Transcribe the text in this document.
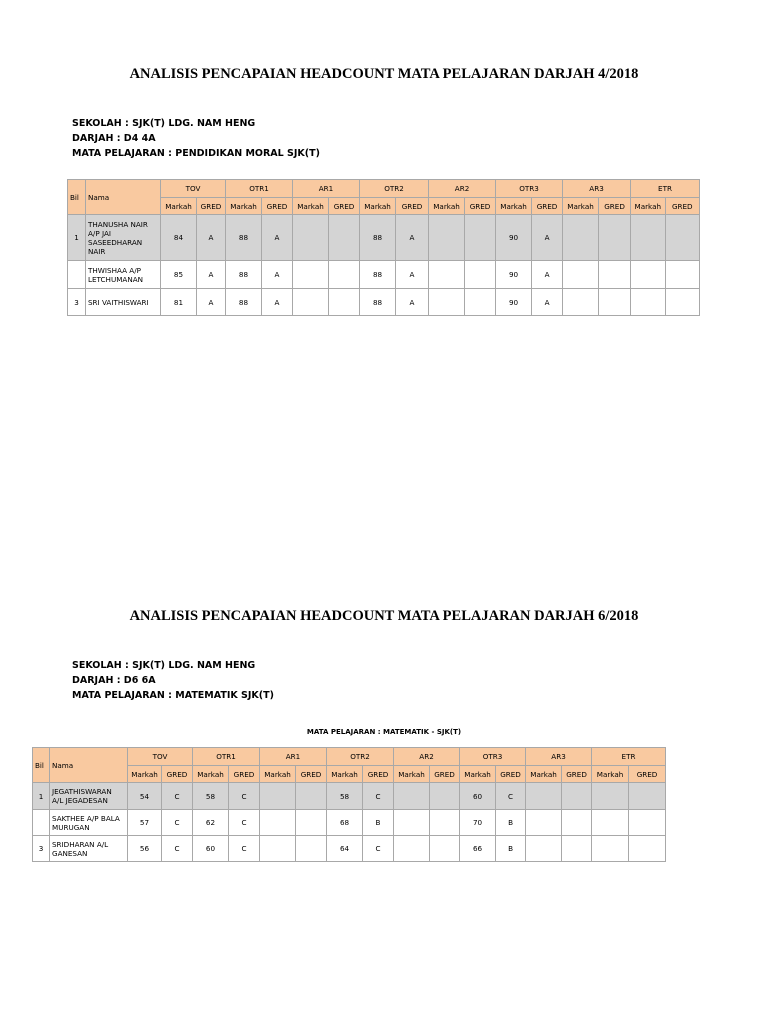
ANALISIS PENCAPAIAN HEADCOUNT MATA PELAJARAN DARJAH 4/2018
SEKOLAH : SJK(T) LDG. NAM HENG
DARJAH : D4 4A
MATA PELAJARAN : PENDIDIKAN MORAL SJK(T)
Bil	Nama	TOV		OTR1		AR1		OTR2		AR2		OTR3		AR3		ETR	
		Markah	GRED	Markah	GRED	Markah	GRED	Markah	GRED	Markah	GRED	Markah	GRED	Markah	GRED	Markah	GRED
1	THANUSHA NAIR A/P JAI SASEEDHARAN NAIR	84	A	88	A			88	A			90	A				
	THWISHAA A/P LETCHUMANAN	85	A	88	A			88	A			90	A				
3	SRI VAITHISWARI	81	A	88	A			88	A			90	A				
ANALISIS PENCAPAIAN HEADCOUNT MATA PELAJARAN DARJAH 6/2018
SEKOLAH : SJK(T) LDG. NAM HENG
DARJAH : D6 6A
MATA PELAJARAN : MATEMATIK SJK(T)
MATA PELAJARAN : MATEMATIK - SJK(T)
Bil	Nama	TOV		OTR1		AR1		OTR2		AR2		OTR3		AR3		ETR	
		Markah	GRED	Markah	GRED	Markah	GRED	Markah	GRED	Markah	GRED	Markah	GRED	Markah	GRED	Markah	GRED
1	JEGATHISWARAN A/L JEGADESAN	54	C	58	C			58	C			60	C				
	SAKTHEE A/P BALA MURUGAN	57	C	62	C			68	B			70	B				
3	SRIDHARAN A/L GANESAN	56	C	60	C			64	C			66	B				
